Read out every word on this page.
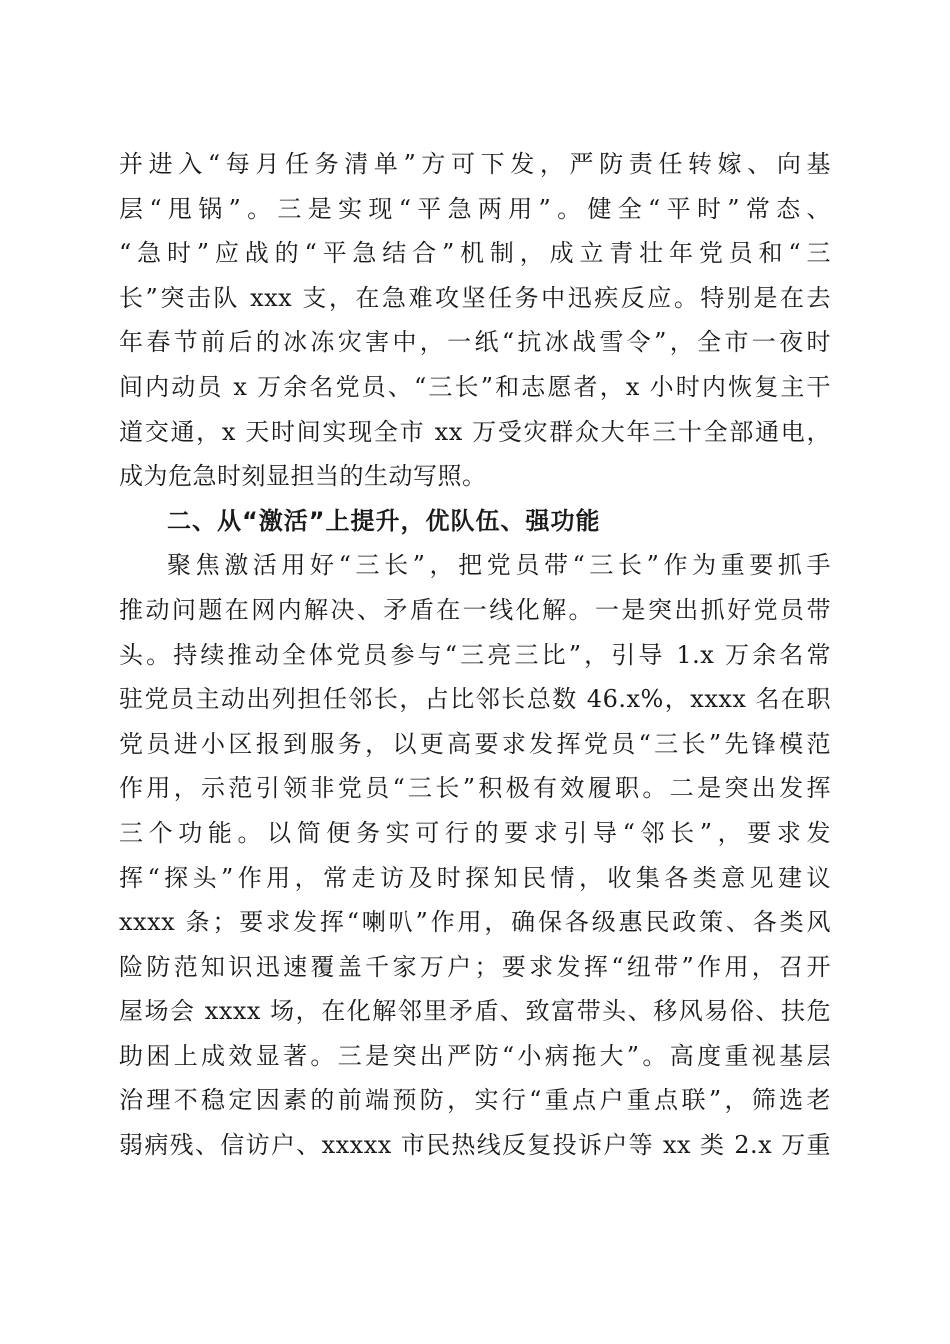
并进入“每月任务清单”方可下发，严防责任转嫁、向基
层“甩锅”。三是实现“平急两用”。健全“平时”常态、
“急时”应战的“平急结合”机制，成立青壮年党员和“三
长”突击队 xxx 支，在急难攻坚任务中迅疾反应。特别是在去
年春节前后的冰冻灾害中，一纸“抗冰战雪令”，全市一夜时
间内动员 x 万余名党员、“三长”和志愿者，x 小时内恢复主干
道交通，x 天时间实现全市 xx 万受灾群众大年三十全部通电，
成为危急时刻显担当的生动写照。
二、从“激活”上提升，优队伍、强功能
聚焦激活用好“三长”，把党员带“三长”作为重要抓手
推动问题在网内解决、矛盾在一线化解。一是突出抓好党员带
头。持续推动全体党员参与“三亮三比”，引导 1.x 万余名常
驻党员主动出列担任邻长，占比邻长总数 46.x%，xxxx 名在职
党员进小区报到服务，以更高要求发挥党员“三长”先锋模范
作用，示范引领非党员“三长”积极有效履职。二是突出发挥
三个功能。以简便务实可行的要求引导“邻长”，要求发
挥“探头”作用，常走访及时探知民情，收集各类意见建议
xxxx 条；要求发挥“喇叭”作用，确保各级惠民政策、各类风
险防范知识迅速覆盖千家万户；要求发挥“纽带”作用，召开
屋场会 xxxx 场，在化解邻里矛盾、致富带头、移风易俗、扶危
助困上成效显著。三是突出严防“小病拖大”。高度重视基层
治理不稳定因素的前端预防，实行“重点户重点联”，筛选老
弱病残、信访户、xxxxx 市民热线反复投诉户等 xx 类 2.x 万重
